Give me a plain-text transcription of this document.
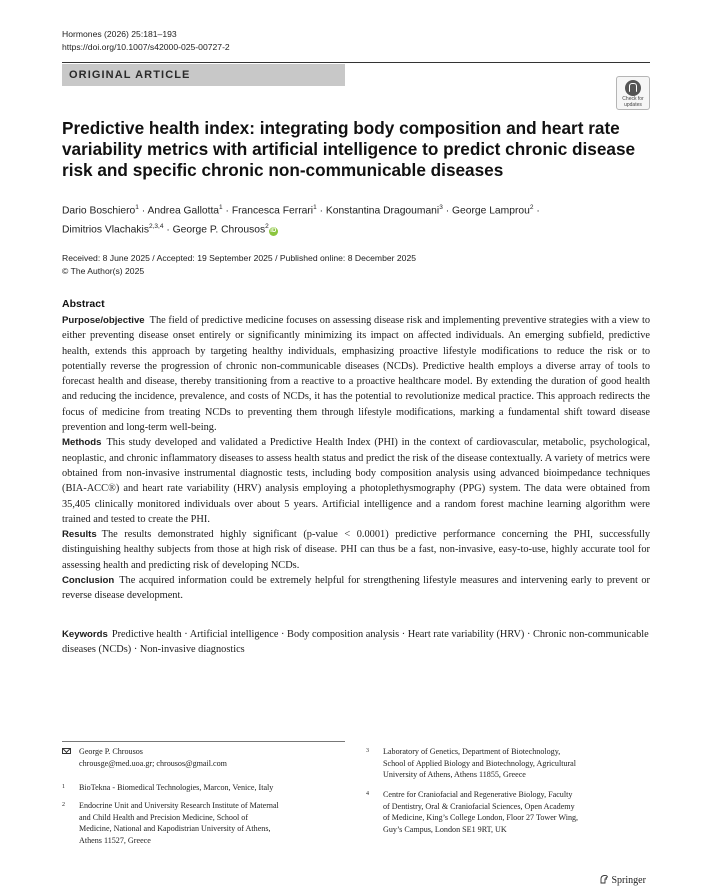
Hormones (2026) 25:181–193
https://doi.org/10.1007/s42000-025-00727-2
ORIGINAL ARTICLE
Check for
updates
Predictive health index: integrating body composition and heart rate
variability metrics with artificial intelligence to predict chronic disease
risk and specific chronic non-communicable diseases
Dario Boschiero$^1$ · Andrea Gallotta$^1$ · Francesca Ferrari$^1$ · Konstantina Dragoumani$^3$ · George Lamprou$^2$ ·
Dimitrios Vlachakis$^{2,3,4}$ · George P. Chrousos$^2$iD
Received: 8 June 2025 / Accepted: 19 September 2025 / Published online: 8 December 2025
© The Author(s) 2025
Abstract

Purpose/objective The field of predictive medicine focuses on assessing disease risk and implementing preventive strategies with a view to either preventing disease onset entirely or significantly minimizing its impact on affected individuals. An emerging subfield, predictive health, extends this approach by targeting healthy individuals, emphasizing proactive lifestyle modifications to reduce the risk or to potentially reverse the progression of chronic non-communicable diseases (NCDs). Predictive health employs a diverse array of tools to forecast health and disease, thereby transitioning from a reactive to a proactive healthcare model. By extending the duration of good health and reducing the incidence, prevalence, and costs of NCDs, it has the potential to revolutionize medical practice. This approach redirects the focus of medicine from treating NCDs to preventing them through lifestyle modifications, marking a fundamental shift toward disease prevention and long-term well-being.

Methods This study developed and validated a Predictive Health Index (PHI) in the context of cardiovascular, metabolic, psychological, neoplastic, and chronic inflammatory diseases to assess health status and predict the risk of the disease contextually. A variety of metrics were obtained from non-invasive instrumental diagnostic tests, including body composition analysis using advanced bioimpedance techniques (BIA-ACC®) and heart rate variability (HRV) analysis employing a photoplethysmography (PPG) system. The data were obtained from 35,405 clinically monitored individuals over about 5 years. Artificial intelligence and a random forest machine learning algorithm were trained and tested to create the PHI.

Results The results demonstrated highly significant (p-value < 0.0001) predictive performance concerning the PHI, successfully distinguishing healthy subjects from those at high risk of disease. PHI can thus be a fast, non-invasive, easy-to-use, highly accurate tool for assessing health and predicting risk of developing NCDs.

Conclusion The acquired information could be extremely helpful for strengthening lifestyle measures and intervening early to prevent or reverse disease development.

Keywords Predictive health · Artificial intelligence · Body composition analysis · Heart rate variability (HRV) · Chronic non-communicable diseases (NCDs) · Non-invasive diagnostics
George P. Chrousos
chrousge@med.uoa.gr; chrousos@gmail.com
1 BioTekna - Biomedical Technologies, Marcon, Venice, Italy
2 Endocrine Unit and University Research Institute of Maternal
and Child Health and Precision Medicine, School of
Medicine, National and Kapodistrian University of Athens,
Athens 11527, Greece
3 Laboratory of Genetics, Department of Biotechnology,
School of Applied Biology and Biotechnology, Agricultural
University of Athens, Athens 11855, Greece
4 Centre for Craniofacial and Regenerative Biology, Faculty
of Dentistry, Oral & Craniofacial Sciences, Open Academy
of Medicine, King’s College London, Floor 27 Tower Wing,
Guy’s Campus, London SE1 9RT, UK
Springer
